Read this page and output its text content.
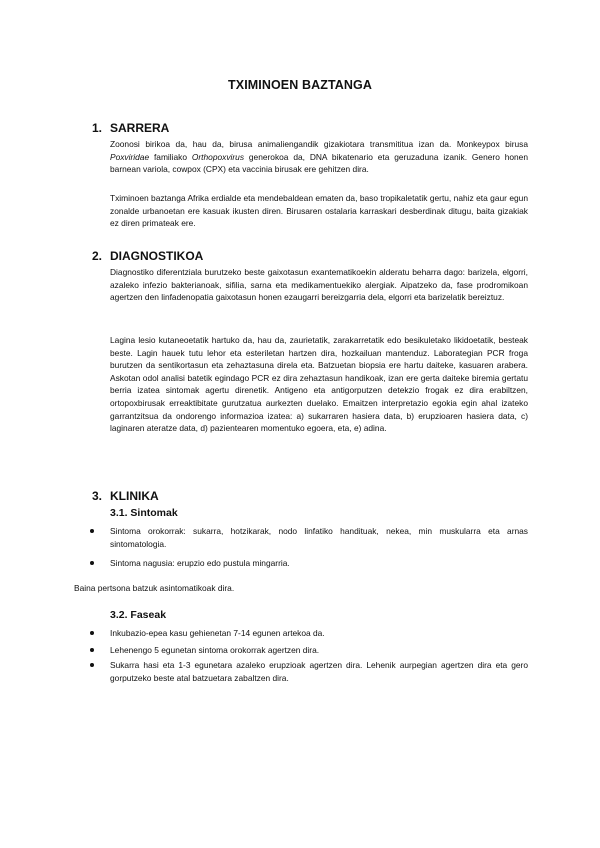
TXIMINOEN BAZTANGA
1. SARRERA

Zoonosi birikoa da, hau da, birusa animaliengandik gizakiotara transmititua izan da. Monkeypox birusa Poxviridae familiako Orthopoxvirus generokoa da, DNA bikatenario eta geruzaduna izanik. Genero honen barnean variola, cowpox (CPX) eta vaccinia birusak ere gehitzen dira.

Tximinoen baztanga Afrika erdialde eta mendebaldean ematen da, baso tropikaletatik gertu, nahiz eta gaur egun zonalde urbanoetan ere kasuak ikusten diren. Birusaren ostalaria karraskari desberdinak ditugu, baita gizakiak ez diren primateak ere.

2. DIAGNOSTIKOA

Diagnostiko diferentziala burutzeko beste gaixotasun exantematikoekin alderatu beharra dago: barizela, elgorri, azaleko infezio bakterianoak, sifilia, sarna eta medikamentuekiko alergiak. Aipatzeko da, fase prodromikoan agertzen den linfadenopatia gaixotasun honen ezaugarri bereizgarria dela, elgorri eta barizelatik bereiztuz.

Lagina lesio kutaneoetatik hartuko da, hau da, zaurietatik, zarakarretatik edo besikuletako likidoetatik, besteak beste. Lagin hauek tutu lehor eta esteriletan hartzen dira, hozkailuan mantenduz. Laborategian PCR froga burutzen da sentikortasun eta zehaztasuna direla eta. Batzuetan biopsia ere hartu daiteke, kasuaren arabera. Askotan odol analisi batetik egindago PCR ez dira zehaztasun handikoak, izan ere gerta daiteke biremia gertatu berria izatea sintomak agertu direnetik. Antigeno eta antigorputzen detekzio frogak ez dira erabiltzen, ortopoxbirusak erreaktibitate gurutzatua aurkezten duelako. Emaitzen interpretazio egokia egin ahal izateko garrantzitsua da ondorengo informazioa izatea: a) sukarraren hasiera data, b) erupzioaren hasiera data, c) laginaren ateratze data, d) pazientearen momentuko egoera, eta, e) adina.

3. KLINIKA
3.1. Sintomak

Sintoma orokorrak: sukarra, hotzikarak, nodo linfatiko handituak, nekea, min muskularra eta arnas sintomatologia.

Sintoma nagusia: erupzio edo pustula mingarria.

Baina pertsona batzuk asintomatikoak dira.

3.2. Faseak

Inkubazio-epea kasu gehienetan 7-14 egunen artekoa da.

Lehenengo 5 egunetan sintoma orokorrak agertzen dira.

Sukarra hasi eta 1-3 egunetara azaleko erupzioak agertzen dira. Lehenik aurpegian agertzen dira eta gero gorputzeko beste atal batzuetara zabaltzen dira.
